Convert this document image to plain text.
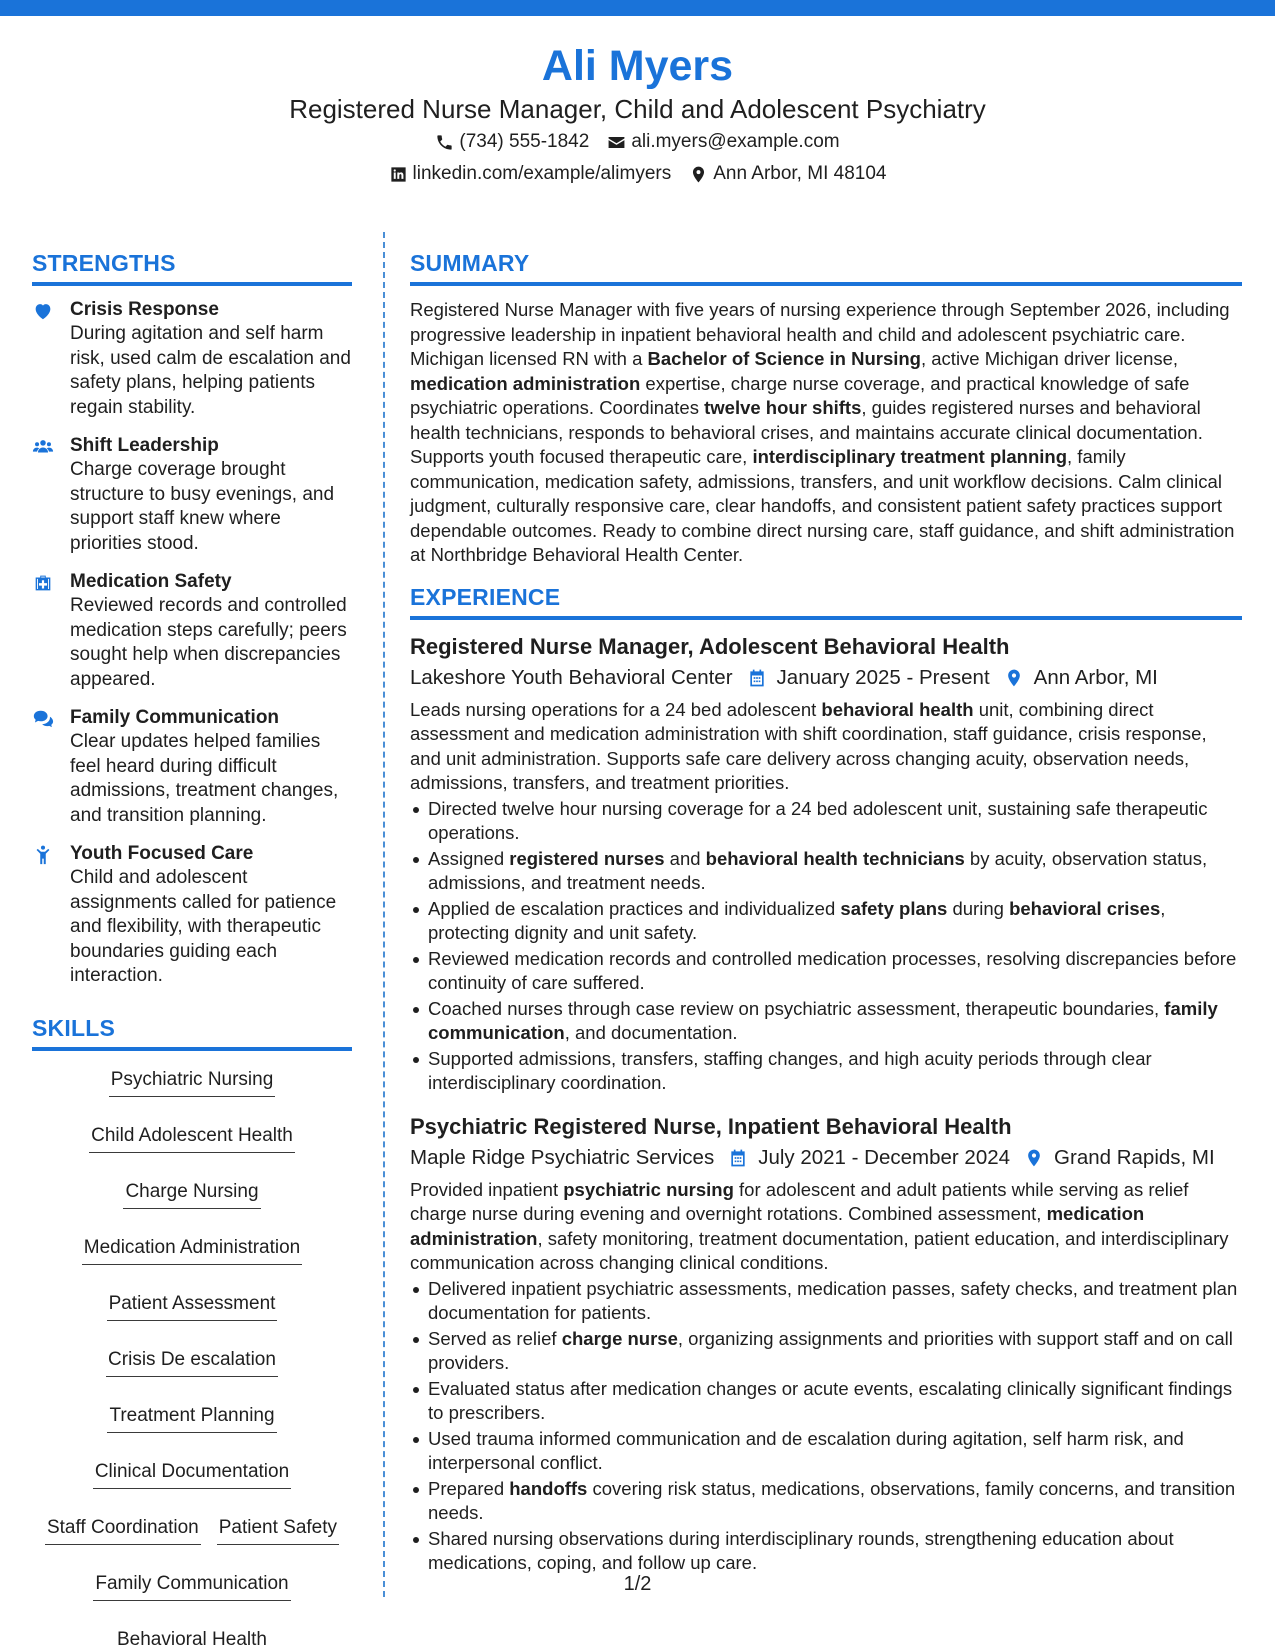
Ali Myers
Registered Nurse Manager, Child and Adolescent Psychiatry
(734) 555-1842 ali.myers@example.com
linkedin.com/example/alimyers Ann Arbor, MI 48104
STRENGTHS
Crisis Response
During agitation and self harm risk, used calm de escalation and safety plans, helping patients regain stability.
Shift Leadership
Charge coverage brought structure to busy evenings, and support staff knew where priorities stood.
Medication Safety
Reviewed records and controlled medication steps carefully; peers sought help when discrepancies appeared.
Family Communication
Clear updates helped families feel heard during difficult admissions, treatment changes, and transition planning.
Youth Focused Care
Child and adolescent assignments called for patience and flexibility, with therapeutic boundaries guiding each interaction.
SKILLS
Psychiatric Nursing
Child Adolescent Health
Charge Nursing
Medication Administration
Patient Assessment
Crisis De escalation
Treatment Planning
Clinical Documentation
Staff Coordination Patient Safety
Family Communication
Behavioral Health
SUMMARY
Registered Nurse Manager with five years of nursing experience through September 2026, including progressive leadership in inpatient behavioral health and child and adolescent psychiatric care. Michigan licensed RN with a Bachelor of Science in Nursing, active Michigan driver license, medication administration expertise, charge nurse coverage, and practical knowledge of safe psychiatric operations. Coordinates twelve hour shifts, guides registered nurses and behavioral health technicians, responds to behavioral crises, and maintains accurate clinical documentation. Supports youth focused therapeutic care, interdisciplinary treatment planning, family communication, medication safety, admissions, transfers, and unit workflow decisions. Calm clinical judgment, culturally responsive care, clear handoffs, and consistent patient safety practices support dependable outcomes. Ready to combine direct nursing care, staff guidance, and shift administration at Northbridge Behavioral Health Center.
EXPERIENCE
Registered Nurse Manager, Adolescent Behavioral Health
Lakeshore Youth Behavioral Center January 2025 - Present Ann Arbor, MI
Leads nursing operations for a 24 bed adolescent behavioral health unit, combining direct assessment and medication administration with shift coordination, staff guidance, crisis response, and unit administration. Supports safe care delivery across changing acuity, observation needs, admissions, transfers, and treatment priorities.
Directed twelve hour nursing coverage for a 24 bed adolescent unit, sustaining safe therapeutic operations.
Assigned registered nurses and behavioral health technicians by acuity, observation status, admissions, and treatment needs.
Applied de escalation practices and individualized safety plans during behavioral crises, protecting dignity and unit safety.
Reviewed medication records and controlled medication processes, resolving discrepancies before continuity of care suffered.
Coached nurses through case review on psychiatric assessment, therapeutic boundaries, family communication, and documentation.
Supported admissions, transfers, staffing changes, and high acuity periods through clear interdisciplinary coordination.
Psychiatric Registered Nurse, Inpatient Behavioral Health
Maple Ridge Psychiatric Services July 2021 - December 2024 Grand Rapids, MI
Provided inpatient psychiatric nursing for adolescent and adult patients while serving as relief charge nurse during evening and overnight rotations. Combined assessment, medication administration, safety monitoring, treatment documentation, patient education, and interdisciplinary communication across changing clinical conditions.
Delivered inpatient psychiatric assessments, medication passes, safety checks, and treatment plan documentation for patients.
Served as relief charge nurse, organizing assignments and priorities with support staff and on call providers.
Evaluated status after medication changes or acute events, escalating clinically significant findings to prescribers.
Used trauma informed communication and de escalation during agitation, self harm risk, and interpersonal conflict.
Prepared handoffs covering risk status, medications, observations, family concerns, and transition needs.
Shared nursing observations during interdisciplinary rounds, strengthening education about medications, coping, and follow up care.
1/2
